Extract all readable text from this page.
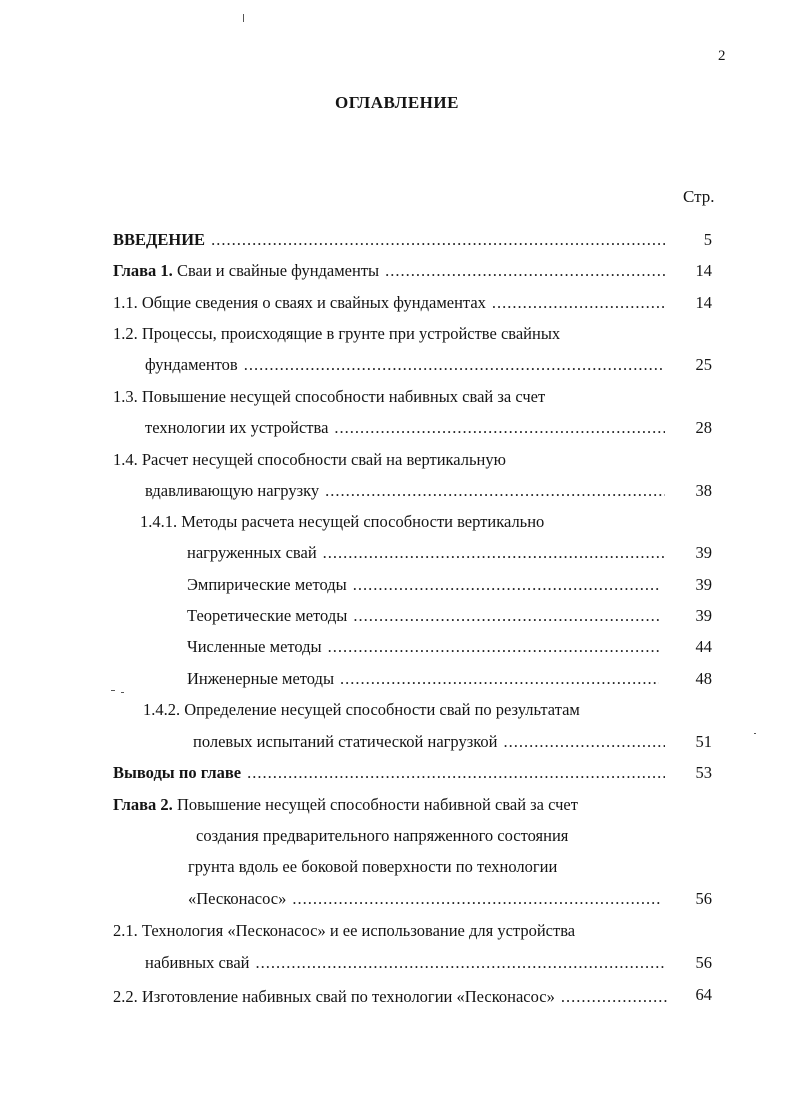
2
ОГЛАВЛЕНИЕ
Стр.
ВВЕДЕНИЕ .....	5
Глава 1. Сваи и свайные фундаменты .....	14
1.1. Общие сведения о сваях и свайных фундаментах .....	14
1.2. Процессы, происходящие в грунте при устройстве свайных
фундаментов .....	25
1.3. Повышение несущей способности набивных свай за счет
технологии их устройства .....	28
1.4. Расчет несущей способности свай на вертикальную
вдавливающую нагрузку .....	38
1.4.1. Методы расчета несущей способности вертикально
нагруженных свай .....	39
Эмпирические методы .....	39
Теоретические методы .....	39
Численные методы .....	44
Инженерные методы .....	48
1.4.2. Определение несущей способности свай по результатам
полевых испытаний статической нагрузкой .....	51
Выводы по главе .....	53
Глава 2. Повышение несущей способности набивной свай за счет
создания предварительного напряженного состояния
грунта вдоль ее боковой поверхности по технологии
«Песконасос» .....	56
2.1. Технология «Песконасос» и ее использование для устройства
набивных свай .....	56
2.2. Изготовление набивных свай по технологии «Песконасос» .....	64
